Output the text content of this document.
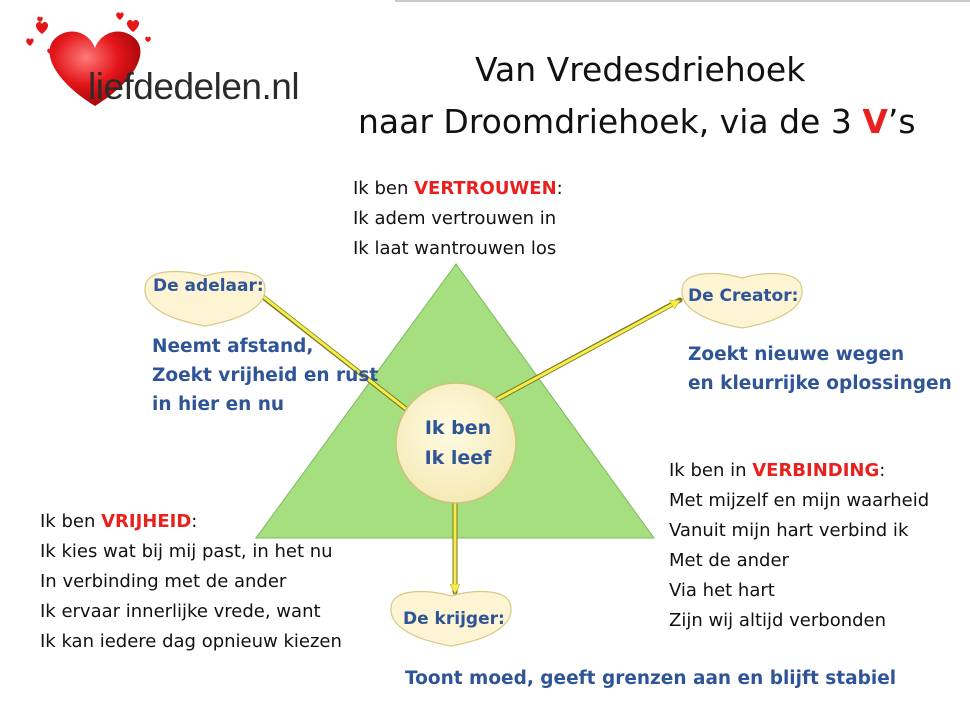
liefdedelen.nl	Van Vredesdriehoek
naar Droomdriehoek, via de 3 V’s
De adelaar:	De Creator:
De krijger:
Ik ben
Ik leef
Ik ben VERTROUWEN:
Ik adem vertrouwen in
Ik laat wantrouwen los
Ik ben VRIJHEID:
Ik kies wat bij mij past, in het nu
In verbinding met de ander
Ik ervaar innerlijke vrede, want
Ik kan iedere dag opnieuw kiezen
Ik ben in VERBINDING:
Met mijzelf en mijn waarheid
Vanuit mijn hart verbind ik
Met de ander
Via het hart
Zijn wij altijd verbonden
Neemt afstand,
Zoekt vrijheid en rust
in hier en nu
Zoekt nieuwe wegen
en kleurrijke oplossingen
Toont moed, geeft grenzen aan en blijft stabiel
